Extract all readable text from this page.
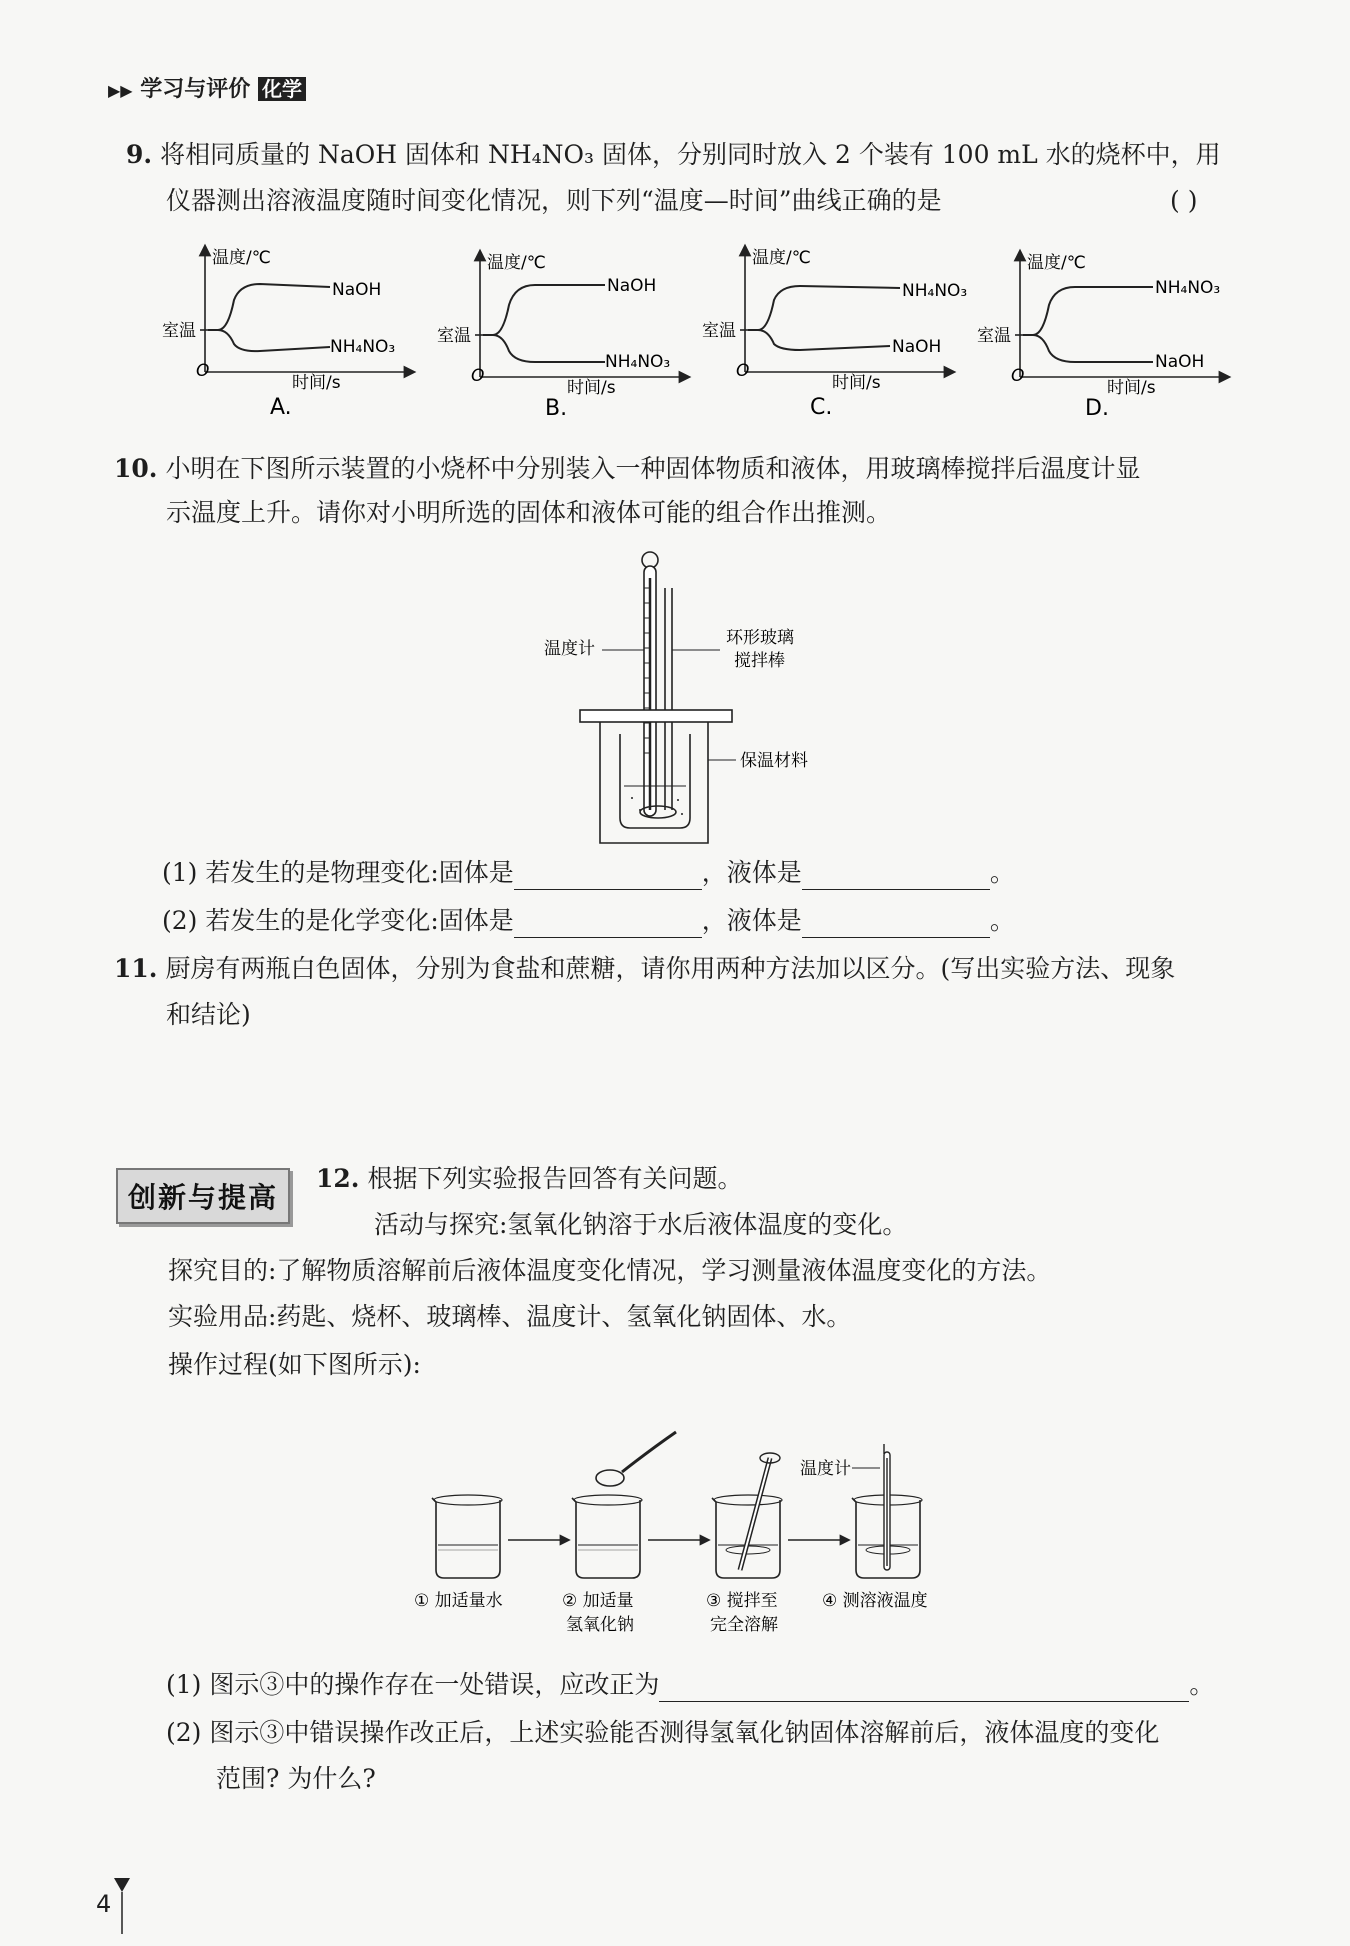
▶▶ 学习与评价 化学
9. 将相同质量的 NaOH 固体和 NH₄NO₃ 固体，分别同时放入 2 个装有 100 mL 水的烧杯中，用
仪器测出溶液温度随时间变化情况，则下列“温度—时间”曲线正确的是	( )
温度/℃
时间/s
室温
O
NaOH
NH₄NO₃
A.
温度/℃
时间/s
室温
O
NaOH
NH₄NO₃
B.
温度/℃
时间/s
室温
O
NH₄NO₃
NaOH
C.
温度/℃
时间/s
室温
O
NH₄NO₃
NaOH
D.
10. 小明在下图所示装置的小烧杯中分别装入一种固体物质和液体，用玻璃棒搅拌后温度计显
示温度上升。请你对小明所选的固体和液体可能的组合作出推测。
温度计
环形玻璃
搅拌棒
保温材料
(1) 若发生的是物理变化:固体是	，液体是	。
(2) 若发生的是化学变化:固体是	，液体是	。
11. 厨房有两瓶白色固体，分别为食盐和蔗糖，请你用两种方法加以区分。(写出实验方法、现象
和结论)
创新与提高
12. 根据下列实验报告回答有关问题。
活动与探究:氢氧化钠溶于水后液体温度的变化。
探究目的:了解物质溶解前后液体温度变化情况，学习测量液体温度变化的方法。
实验用品:药匙、烧杯、玻璃棒、温度计、氢氧化钠固体、水。
操作过程(如下图所示):
温度计
① 加适量水	② 加适量
氢氧化钠
③ 搅拌至
完全溶解
④ 测溶液温度
(1) 图示③中的操作存在一处错误，应改正为	。
(2) 图示③中错误操作改正后，上述实验能否测得氢氧化钠固体溶解前后，液体温度的变化
范围? 为什么?
4
